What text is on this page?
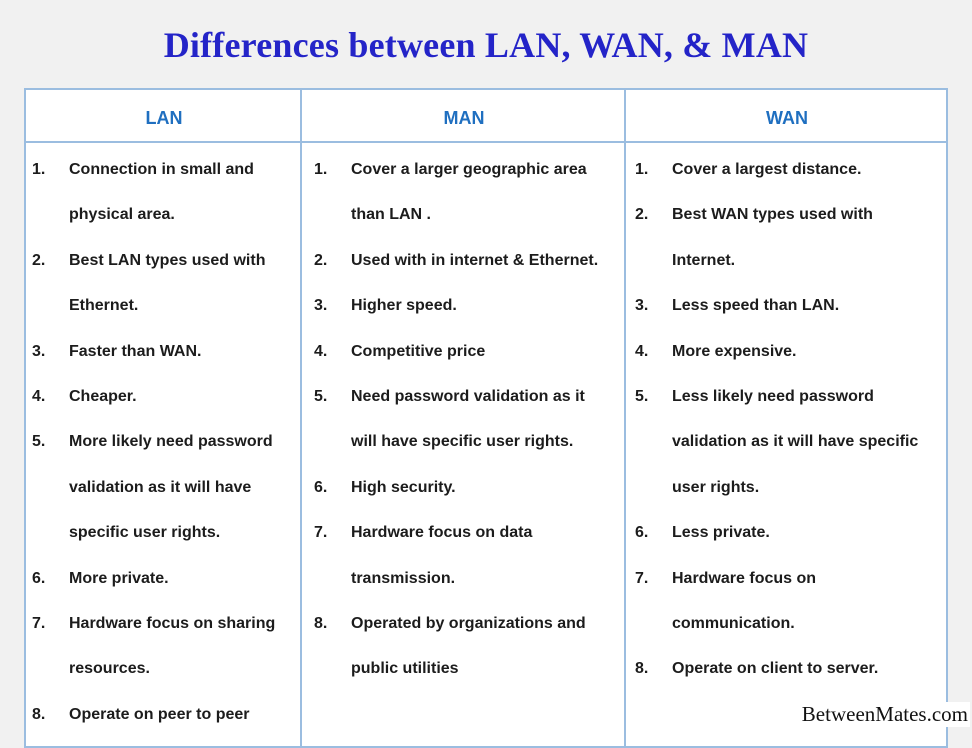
Differences between LAN, WAN, & MAN
LAN	MAN	WAN
1. Connection in small and
physical area.
2. Best LAN types used with
Ethernet.
3. Faster than WAN.
4. Cheaper.
5. More likely need password
validation as it will have
specific user rights.
6. More private.
7. Hardware focus on sharing
resources.
8. Operate on peer to peer
1. Cover a larger geographic area
than LAN .
2. Used with in internet & Ethernet.
3. Higher speed.
4. Competitive price
5. Need password validation as it
will have specific user rights.
6. High security.
7. Hardware focus on data
transmission.
8. Operated by organizations and
public utilities
1. Cover a largest distance.
2. Best WAN types used with
Internet.
3. Less speed than LAN.
4. More expensive.
5. Less likely need password
validation as it will have specific
user rights.
6. Less private.
7. Hardware focus on
communication.
8. Operate on client to server.
BetweenMates.com
